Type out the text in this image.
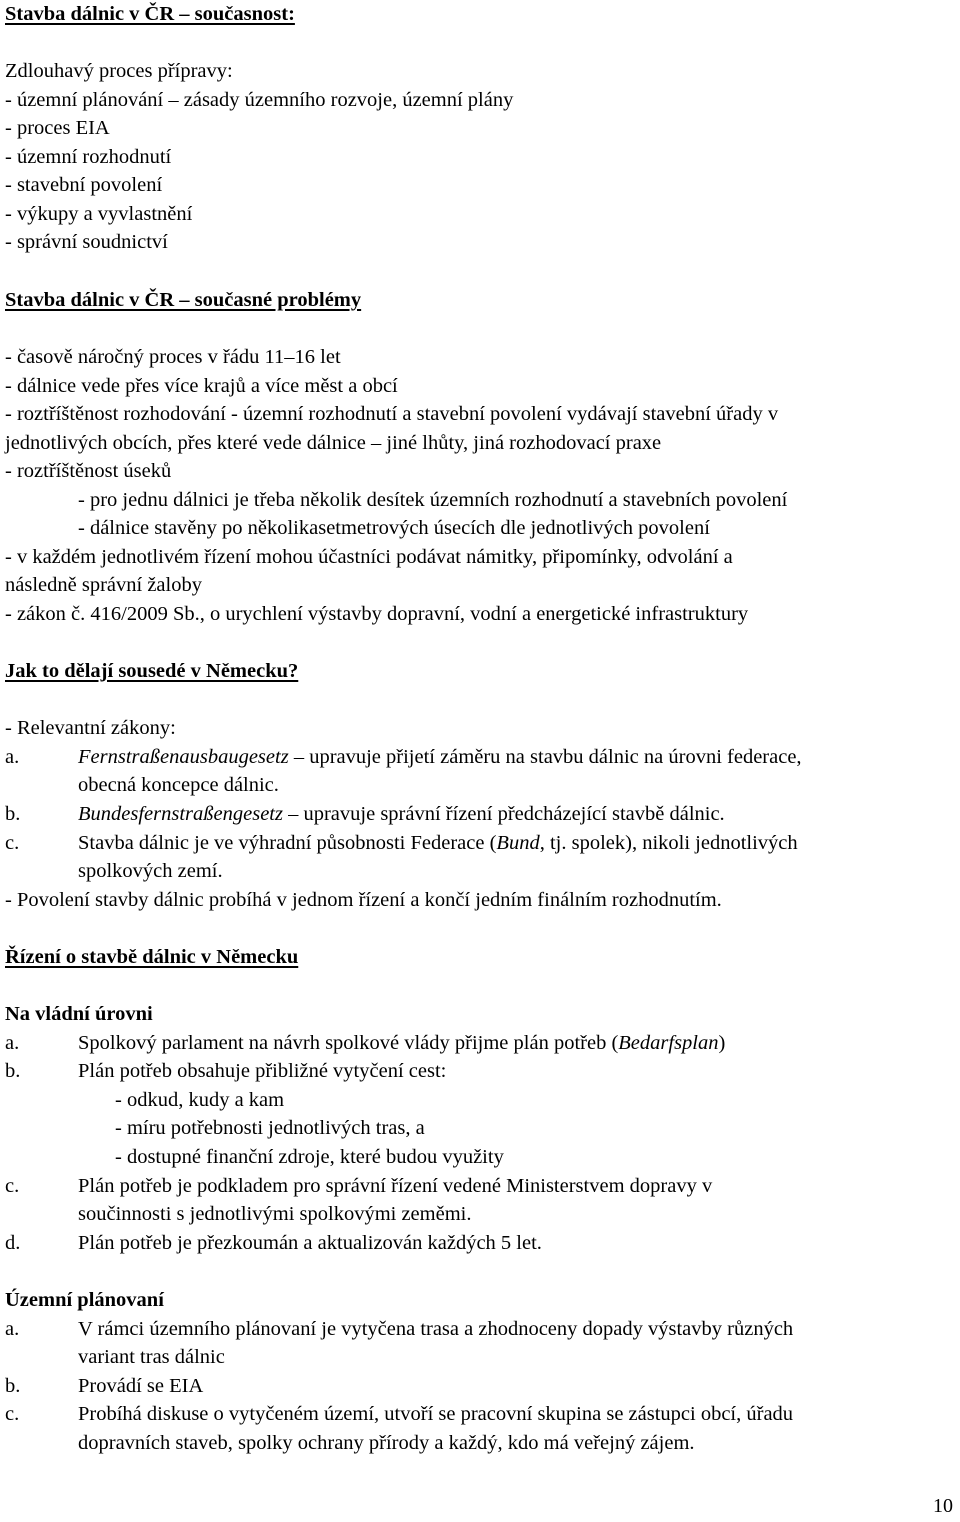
Stavba dálnic v ČR – současnost:
Zdlouhavý proces přípravy:
- územní plánování – zásady územního rozvoje, územní plány
- proces EIA
- územní rozhodnutí
- stavební povolení
- výkupy a vyvlastnění
- správní soudnictví
Stavba dálnic v ČR – současné problémy
- časově náročný proces v řádu 11–16 let
- dálnice vede přes více krajů a více měst a obcí
- roztříštěnost rozhodování - územní rozhodnutí a stavební povolení vydávají stavební úřady v
jednotlivých obcích, přes které vede dálnice – jiné lhůty, jiná rozhodovací praxe
- roztříštěnost úseků
- pro jednu dálnici je třeba několik desítek územních rozhodnutí a stavebních povolení
- dálnice stavěny po několikasetmetrových úsecích dle jednotlivých povolení
- v každém jednotlivém řízení mohou účastníci podávat námitky, připomínky, odvolání a
následně správní žaloby
- zákon č. 416/2009 Sb., o urychlení výstavby dopravní, vodní a energetické infrastruktury
Jak to dělají sousedé v Německu?
- Relevantní zákony:
a.	Fernstraßenausbaugesetz – upravuje přijetí záměru na stavbu dálnic na úrovni federace,
obecná koncepce dálnic.
b.	Bundesfernstraßengesetz – upravuje správní řízení předcházející stavbě dálnic.
c.	Stavba dálnic je ve výhradní působnosti Federace (Bund, tj. spolek), nikoli jednotlivých
spolkových zemí.
- Povolení stavby dálnic probíhá v jednom řízení a končí jedním finálním rozhodnutím.
Řízení o stavbě dálnic v Německu
Na vládní úrovni
a.	Spolkový parlament na návrh spolkové vlády přijme plán potřeb (Bedarfsplan)
b.	Plán potřeb obsahuje přibližné vytyčení cest:
- odkud, kudy a kam
- míru potřebnosti jednotlivých tras, a
- dostupné finanční zdroje, které budou využity
c.	Plán potřeb je podkladem pro správní řízení vedené Ministerstvem dopravy v
součinnosti s jednotlivými spolkovými zeměmi.
d.	Plán potřeb je přezkoumán a aktualizován každých 5 let.
Územní plánovaní
a.	V rámci územního plánovaní je vytyčena trasa a zhodnoceny dopady výstavby různých
variant tras dálnic
b.	Provádí se EIA
c.	Probíhá diskuse o vytyčeném území, utvoří se pracovní skupina se zástupci obcí, úřadu
dopravních staveb, spolky ochrany přírody a každý, kdo má veřejný zájem.
10
